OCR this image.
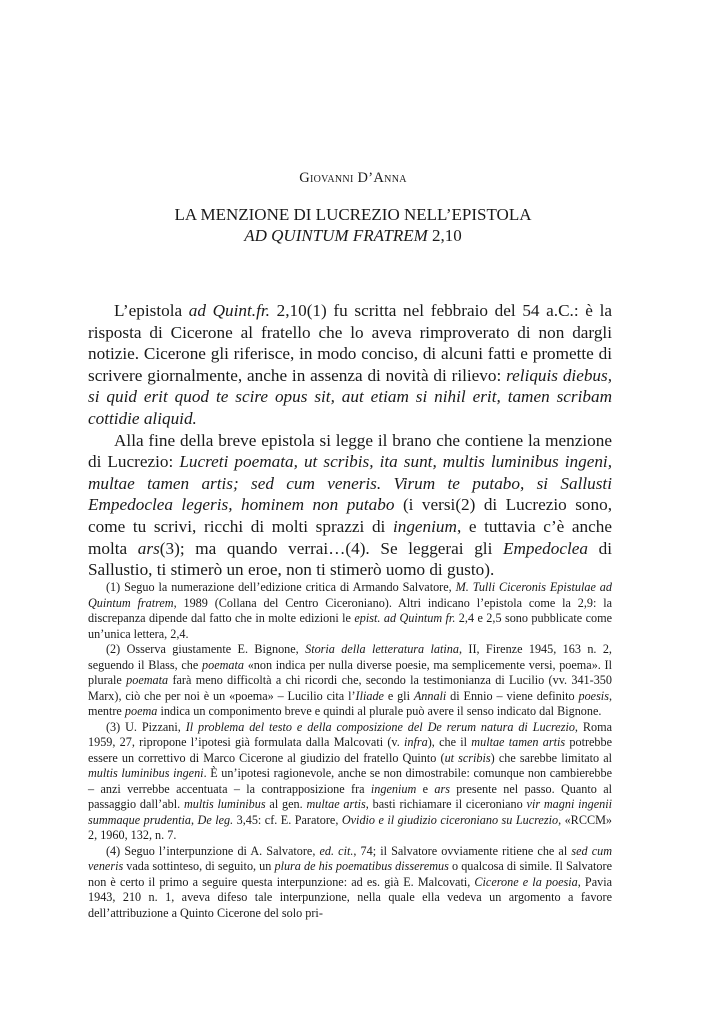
Giovanni D’Anna
LA MENZIONE DI LUCREZIO NELL’EPISTOLA
AD QUINTUM FRATREM 2,10

L’epistola ad Quint.fr. 2,10(1) fu scritta nel febbraio del 54 a.C.: è la risposta di Cicerone al fratello che lo aveva rimproverato di non dargli notizie. Cicerone gli riferisce, in modo conciso, di alcuni fatti e promette di scrivere giornalmente, anche in assenza di novità di rilievo: reliquis diebus, si quid erit quod te scire opus sit, aut etiam si nihil erit, tamen scribam cottidie aliquid.

Alla fine della breve epistola si legge il brano che contiene la menzione di Lucrezio: Lucreti poemata, ut scribis, ita sunt, multis luminibus ingeni, multae tamen artis; sed cum veneris. Virum te putabo, si Sallusti Empedoclea legeris, hominem non putabo (i versi(2) di Lucrezio sono, come tu scrivi, ricchi di molti sprazzi di ingenium, e tuttavia c’è anche molta ars(3); ma quando verrai…(4). Se leggerai gli Empedoclea di Sallustio, ti stimerò un eroe, non ti stimerò uomo di gusto).

(1) Seguo la numerazione dell’edizione critica di Armando Salvatore, M. Tulli Ciceronis Epistulae ad Quintum fratrem, 1989 (Collana del Centro Ciceroniano). Altri indicano l’epistola come la 2,9: la discrepanza dipende dal fatto che in molte edizioni le epist. ad Quintum fr. 2,4 e 2,5 sono pubblicate come un’unica lettera, 2,4.

(2) Osserva giustamente E. Bignone, Storia della letteratura latina, II, Firenze 1945, 163 n. 2, seguendo il Blass, che poemata «non indica per nulla diverse poesie, ma semplicemente versi, poema». Il plurale poemata farà meno difficoltà a chi ricordi che, secondo la testimonianza di Lucilio (vv. 341-350 Marx), ciò che per noi è un «poema» – Lucilio cita l’Iliade e gli Annali di Ennio – viene definito poesis, mentre poema indica un componimento breve e quindi al plurale può avere il senso indicato dal Bignone.

(3) U. Pizzani, Il problema del testo e della composizione del De rerum natura di Lucrezio, Roma 1959, 27, ripropone l’ipotesi già formulata dalla Malcovati (v. infra), che il multae tamen artis potrebbe essere un correttivo di Marco Cicerone al giudizio del fratello Quinto (ut scribis) che sarebbe limitato al multis luminibus ingeni. È un’ipotesi ragionevole, anche se non dimostrabile: comunque non cambierebbe – anzi verrebbe accentuata – la contrapposizione fra ingenium e ars presente nel passo. Quanto al passaggio dall’abl. multis luminibus al gen. multae artis, basti richiamare il ciceroniano vir magni ingenii summaque prudentia, De leg. 3,45: cf. E. Paratore, Ovidio e il giudizio ciceroniano su Lucrezio, «RCCM» 2, 1960, 132, n. 7.

(4) Seguo l’interpunzione di A. Salvatore, ed. cit., 74; il Salvatore ovviamente ritiene che al sed cum veneris vada sottinteso, di seguito, un plura de his poematibus disseremus o qualcosa di simile. Il Salvatore non è certo il primo a seguire questa interpunzione: ad es. già E. Malcovati, Cicerone e la poesia, Pavia 1943, 210 n. 1, aveva difeso tale interpunzione, nella quale ella vedeva un argomento a favore dell’attribuzione a Quinto Cicerone del solo pri-
